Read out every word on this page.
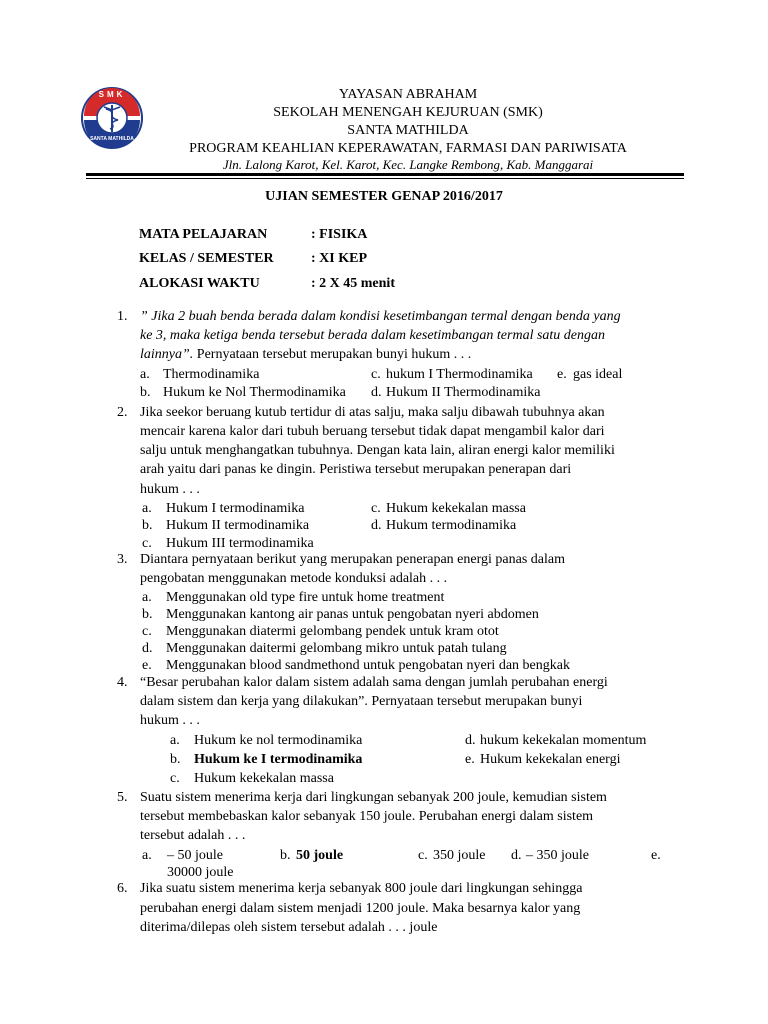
SMK
SANTA MATHILDA
YAYASAN ABRAHAM
SEKOLAH MENENGAH KEJURUAN (SMK)
SANTA MATHILDA
PROGRAM KEAHLIAN KEPERAWATAN, FARMASI DAN PARIWISATA
Jln. Lalong Karot, Kel. Karot, Kec. Langke Rembong, Kab. Manggarai
UJIAN SEMESTER GENAP 2016/2017
MATA PELAJARAN	: FISIKA
KELAS / SEMESTER	: XI KEP
ALOKASI WAKTU	: 2 X 45 menit
1. ” Jika 2 buah benda berada dalam kondisi kesetimbangan termal dengan benda yang
ke 3, maka ketiga benda tersebut berada dalam kesetimbangan termal satu dengan
lainnya”. Pernyataan tersebut merupakan bunyi hukum . . .
a. Thermodinamika	c. hukum I Thermodinamika e. gas ideal
b. Hukum ke Nol Thermodinamika d. Hukum II Thermodinamika
2. Jika seekor beruang kutub tertidur di atas salju, maka salju dibawah tubuhnya akan
mencair karena kalor dari tubuh beruang tersebut tidak dapat mengambil kalor dari
salju untuk menghangatkan tubuhnya. Dengan kata lain, aliran energi kalor memiliki
arah yaitu dari panas ke dingin. Peristiwa tersebut merupakan penerapan dari
hukum . . .
a. Hukum I termodinamika	c. Hukum kekekalan massa
b. Hukum II termodinamika	d. Hukum termodinamika
c. Hukum III termodinamika
3. Diantara pernyataan berikut yang merupakan penerapan energi panas dalam
pengobatan menggunakan metode konduksi adalah . . .
a. Menggunakan old type fire untuk home treatment
b. Menggunakan kantong air panas untuk pengobatan nyeri abdomen
c. Menggunakan diatermi gelombang pendek untuk kram otot
d. Menggunakan daitermi gelombang mikro untuk patah tulang
e. Menggunakan blood sandmethond untuk pengobatan nyeri dan bengkak
4. “Besar perubahan kalor dalam sistem adalah sama dengan jumlah perubahan energi
dalam sistem dan kerja yang dilakukan”. Pernyataan tersebut merupakan bunyi
hukum . . .
a. Hukum ke nol termodinamika	d. hukum kekekalan momentum
b. Hukum ke I termodinamika	e. Hukum kekekalan energi
c. Hukum kekekalan massa
5. Suatu sistem menerima kerja dari lingkungan sebanyak 200 joule, kemudian sistem
tersebut membebaskan kalor sebanyak 150 joule. Perubahan energi dalam sistem
tersebut adalah . . .
a. – 50 joule	b. 50 joule	c. 350 joule d. – 350 joule	e.
30000 joule
6. Jika suatu sistem menerima kerja sebanyak 800 joule dari lingkungan sehingga
perubahan energi dalam sistem menjadi 1200 joule. Maka besarnya kalor yang
diterima/dilepas oleh sistem tersebut adalah . . . joule
